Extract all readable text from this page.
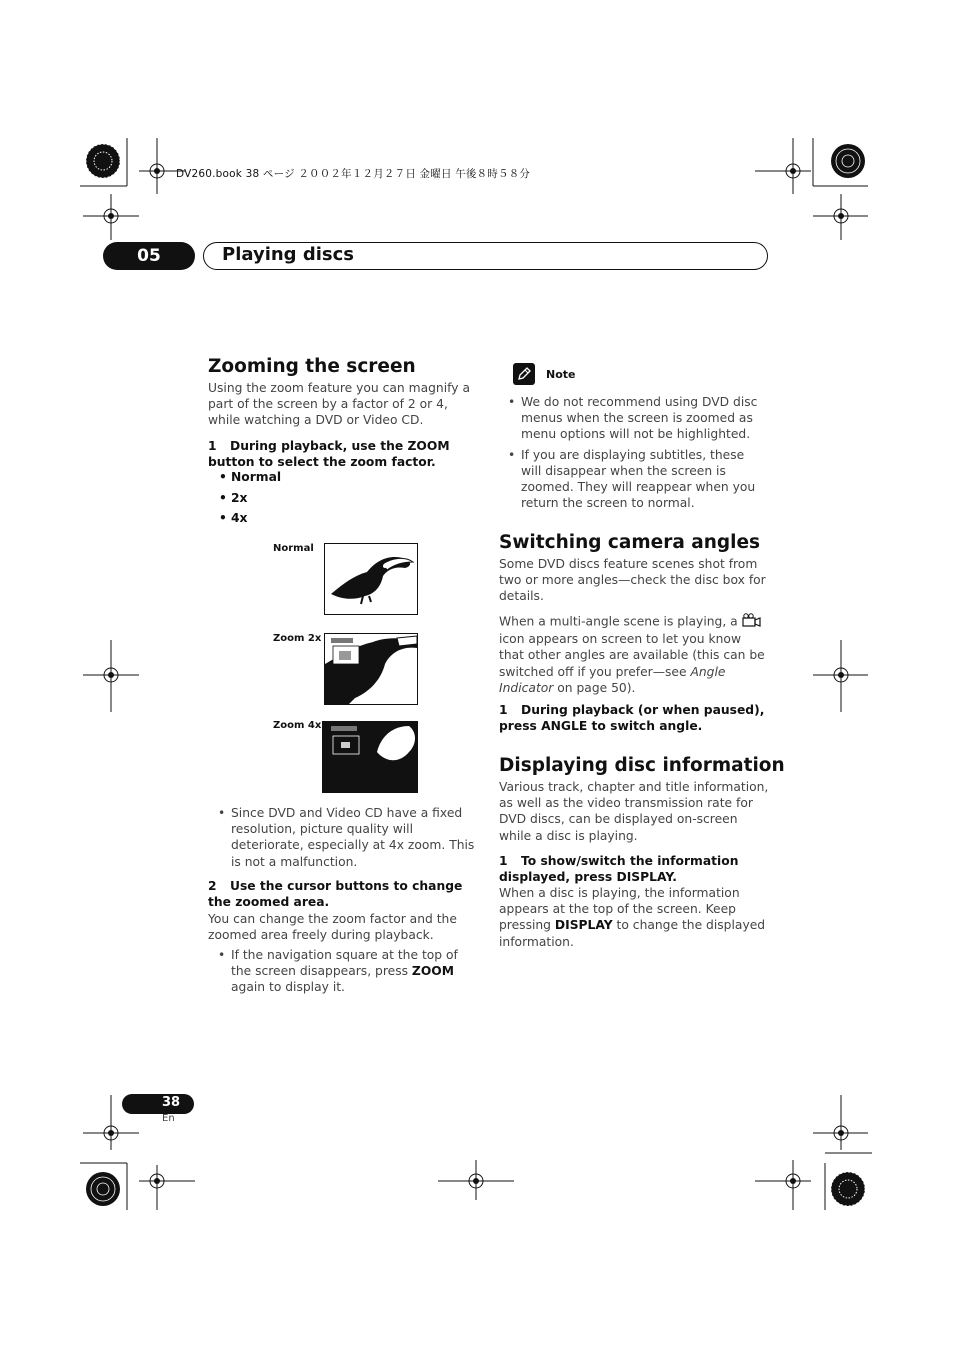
DV260.book 38 ページ ２００２年１２月２７日 金曜日 午後８時５８分
05	Playing discs
Zooming the screen

Using the zoom feature you can magnify a part of the screen by a factor of 2 or 4, while watching a DVD or Video CD.

1 During playback, use the ZOOM button to select the zoom factor.

• Normal
• 2x
• 4x
Normal
Zoom 2x
Zoom 4x
• Since DVD and Video CD have a fixed resolution, picture quality will deteriorate, especially at 4x zoom. This is not a malfunction.

2 Use the cursor buttons to change the zoomed area.

You can change the zoom factor and the zoomed area freely during playback.

• If the navigation square at the top of the screen disappears, press ZOOM again to display it.
Note
• We do not recommend using DVD disc menus when the screen is zoomed as menu options will not be highlighted.
• If you are displaying subtitles, these will disappear when the screen is zoomed. They will reappear when you return the screen to normal.
Switching camera angles

Some DVD discs feature scenes shot from two or more angles—check the disc box for details.

When a multi-angle scene is playing, a  icon appears on screen to let you know that other angles are available (this can be switched off if you prefer—see Angle Indicator on page 50).

1 During playback (or when paused), press ANGLE to switch angle.

Displaying disc information

Various track, chapter and title information, as well as the video transmission rate for DVD discs, can be displayed on-screen while a disc is playing.

1 To show/switch the information displayed, press DISPLAY.

When a disc is playing, the information appears at the top of the screen. Keep pressing DISPLAY to change the displayed information.

38
En
